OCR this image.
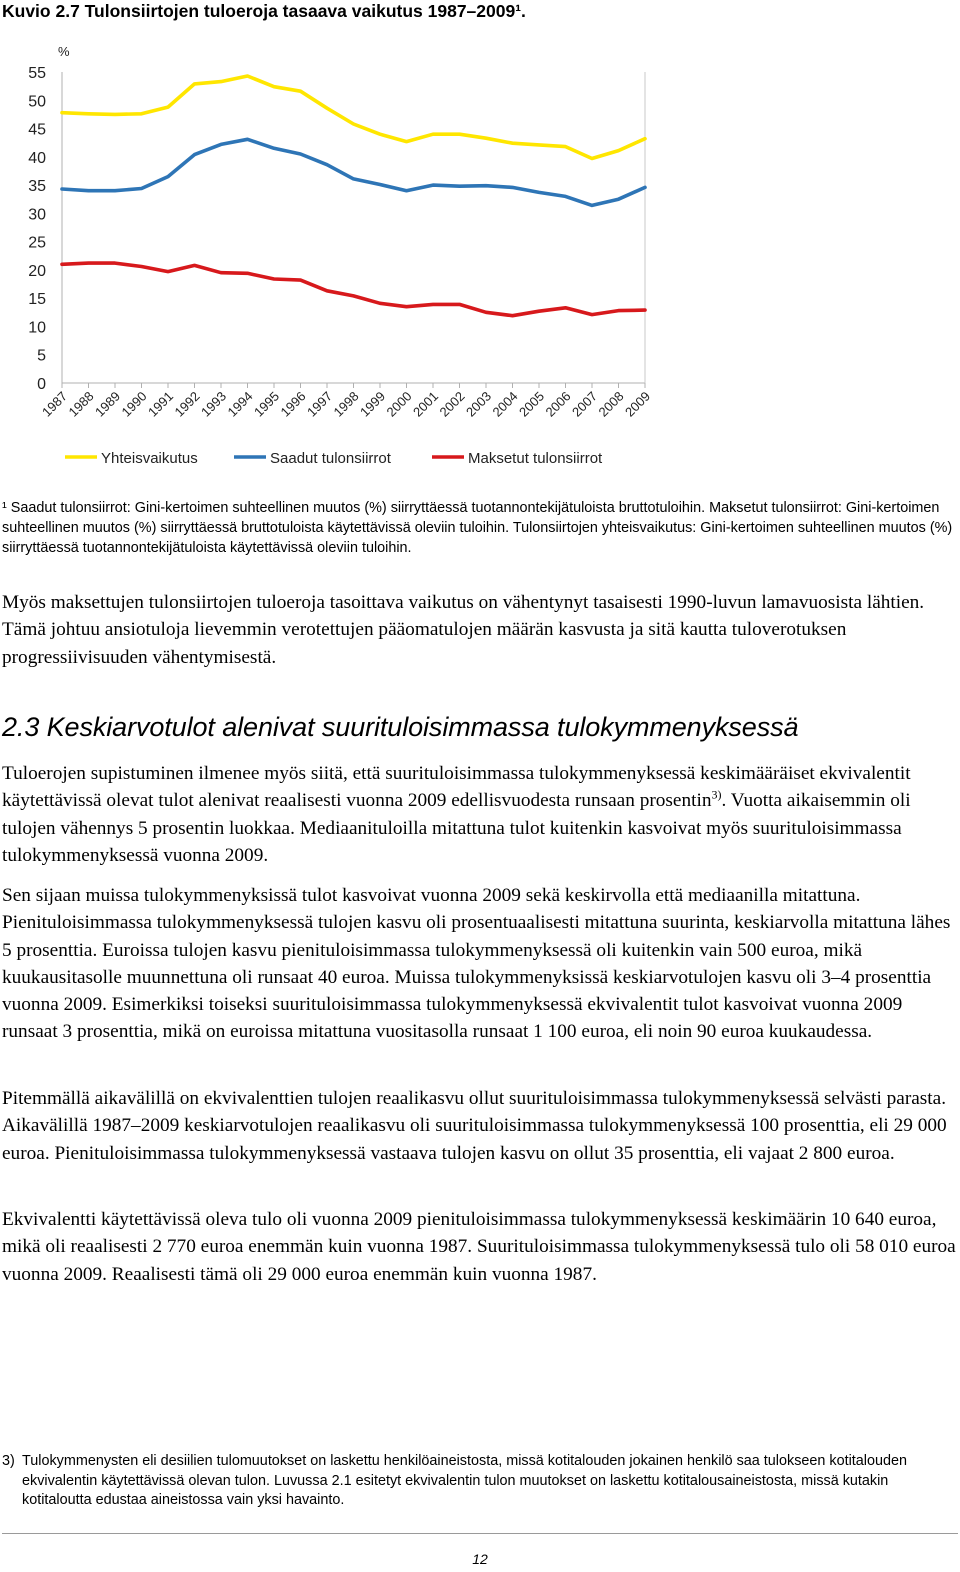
Kuvio 2.7 Tulonsiirtojen tuloeroja tasaava vaikutus 1987–2009¹.
%
0
5
10
15
20
25
30
35
40
45
50
55
1987
1988
1989
1990
1991
1992
1993
1994
1995
1996
1997
1998
1999
2000
2001
2002
2003
2004
2005
2006
2007
2008
2009
Yhteisvaikutus	Saadut tulonsiirrot	Maksetut tulonsiirrot

¹ Saadut tulonsiirrot: Gini-kertoimen suhteellinen muutos (%) siirryttäessä tuotannontekijätuloista bruttotuloihin. Maksetut tulonsiirrot: Gini-kertoimen suhteellinen muutos (%) siirryttäessä bruttotuloista käytettävissä oleviin tuloihin. Tulonsiirtojen yhteisvaikutus: Gini-kertoimen suhteellinen muutos (%) siirryttäessä tuotannontekijätuloista käytettävissä oleviin tuloihin.

Myös maksettujen tulonsiirtojen tuloeroja tasoittava vaikutus on vähentynyt tasaisesti 1990-luvun lamavuosista lähtien. Tämä johtuu ansiotuloja lievemmin verotettujen pääomatulojen määrän kasvusta ja sitä kautta tuloverotuksen progressiivisuuden vähentymisestä.

2.3 Keskiarvotulot alenivat suurituloisimmassa tulokymmenyksessä

Tuloerojen supistuminen ilmenee myös siitä, että suurituloisimmassa tulokymmenyksessä keskimääräiset ekvivalentit käytettävissä olevat tulot alenivat reaalisesti vuonna 2009 edellisvuodesta runsaan prosentin$^{3)}$. Vuotta aikaisemmin oli tulojen vähennys 5 prosentin luokkaa. Mediaanituloilla mitattuna tulot kuitenkin kasvoivat myös suurituloisimmassa tulokymmenyksessä vuonna 2009.

Sen sijaan muissa tulokymmenyksissä tulot kasvoivat vuonna 2009 sekä keskirvolla että mediaanilla mitattuna. Pienituloisimmassa tulokymmenyksessä tulojen kasvu oli prosentuaalisesti mitattuna suurinta, keskiarvolla mitattuna lähes 5 prosenttia. Euroissa tulojen kasvu pienituloisimmassa tulokymmenyksessä oli kuitenkin vain 500 euroa, mikä kuukausitasolle muunnettuna oli runsaat 40 euroa. Muissa tulokymmenyksissä keskiarvotulojen kasvu oli 3–4 prosenttia vuonna 2009. Esimerkiksi toiseksi suurituloisimmassa tulokymmenyksessä ekvivalentit tulot kasvoivat vuonna 2009 runsaat 3 prosenttia, mikä on euroissa mitattuna vuositasolla runsaat 1 100 euroa, eli noin 90 euroa kuukaudessa.

Pitemmällä aikavälillä on ekvivalenttien tulojen reaalikasvu ollut suurituloisimmassa tulokymmenyksessä selvästi parasta. Aikavälillä 1987–2009 keskiarvotulojen reaalikasvu oli suurituloisimmassa tulokymmenyksessä 100 prosenttia, eli 29 000 euroa. Pienituloisimmassa tulokymmenyksessä vastaava tulojen kasvu on ollut 35 prosenttia, eli vajaat 2 800 euroa.

Ekvivalentti käytettävissä oleva tulo oli vuonna 2009 pienituloisimmassa tulokymmenyksessä keskimäärin 10 640 euroa, mikä oli reaalisesti 2 770 euroa enemmän kuin vuonna 1987. Suurituloisimmassa tulokymmenyksessä tulo oli 58 010 euroa vuonna 2009. Reaalisesti tämä oli 29 000 euroa enemmän kuin vuonna 1987.

3) Tulokymmenysten eli desiilien tulomuutokset on laskettu henkilöaineistosta, missä kotitalouden jokainen henkilö saa tulokseen kotitalouden ekvivalentin käytettävissä olevan tulon. Luvussa 2.1 esitetyt ekvivalentin tulon muutokset on laskettu kotitalousaineistosta, missä kutakin kotitaloutta edustaa aineistossa vain yksi havainto.
12
